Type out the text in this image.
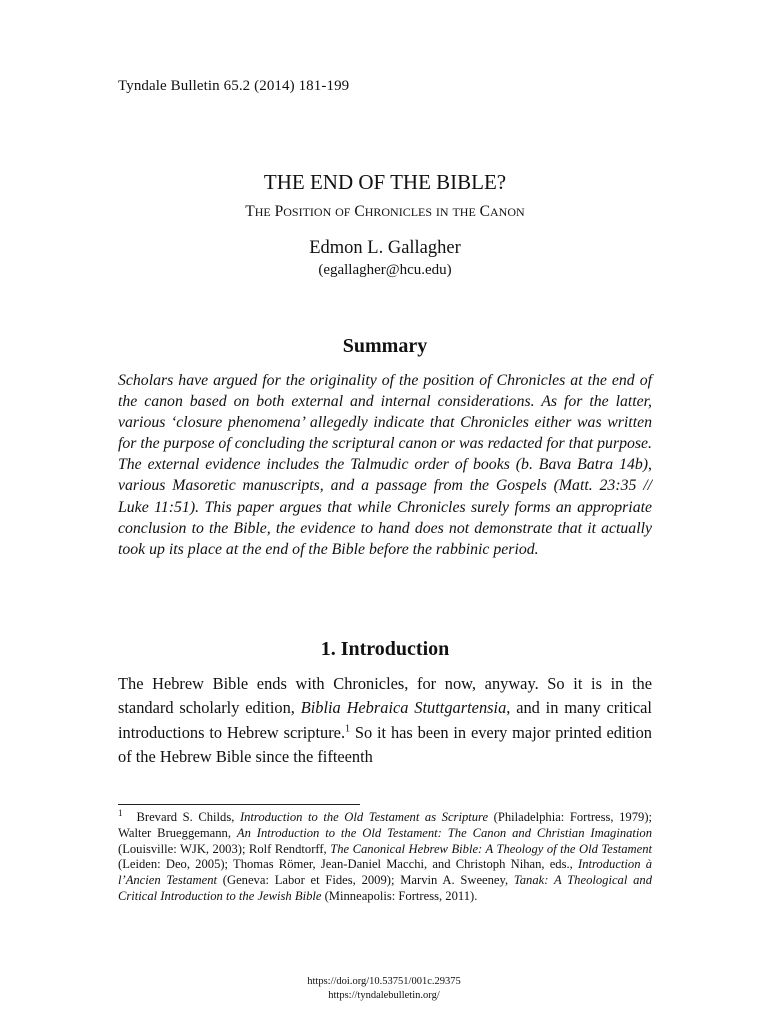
Tyndale Bulletin 65.2 (2014) 181-199
THE END OF THE BIBLE?
THE POSITION OF CHRONICLES IN THE CANON
Edmon L. Gallagher
(egallagher@hcu.edu)
Summary

Scholars have argued for the originality of the position of Chronicles at the end of the canon based on both external and internal considerations. As for the latter, various ‘closure phenomena’ allegedly indicate that Chronicles either was written for the purpose of concluding the scriptural canon or was redacted for that purpose. The external evidence includes the Talmudic order of books (b. Bava Batra 14b), various Masoretic manuscripts, and a passage from the Gospels (Matt. 23:35 // Luke 11:51). This paper argues that while Chronicles surely forms an appropriate conclusion to the Bible, the evidence to hand does not demonstrate that it actually took up its place at the end of the Bible before the rabbinic period.

1. Introduction

The Hebrew Bible ends with Chronicles, for now, anyway. So it is in the standard scholarly edition, Biblia Hebraica Stuttgartensia, and in many critical introductions to Hebrew scripture.$^1$ So it has been in every major printed edition of the Hebrew Bible since the fifteenth

$^1$ Brevard S. Childs, Introduction to the Old Testament as Scripture (Philadelphia: Fortress, 1979); Walter Brueggemann, An Introduction to the Old Testament: The Canon and Christian Imagination (Louisville: WJK, 2003); Rolf Rendtorff, The Canonical Hebrew Bible: A Theology of the Old Testament (Leiden: Deo, 2005); Thomas Römer, Jean-Daniel Macchi, and Christoph Nihan, eds., Introduction à l’Ancien Testament (Geneva: Labor et Fides, 2009); Marvin A. Sweeney, Tanak: A Theological and Critical Introduction to the Jewish Bible (Minneapolis: Fortress, 2011).

https://doi.org/10.53751/001c.29375
https://tyndalebulletin.org/
